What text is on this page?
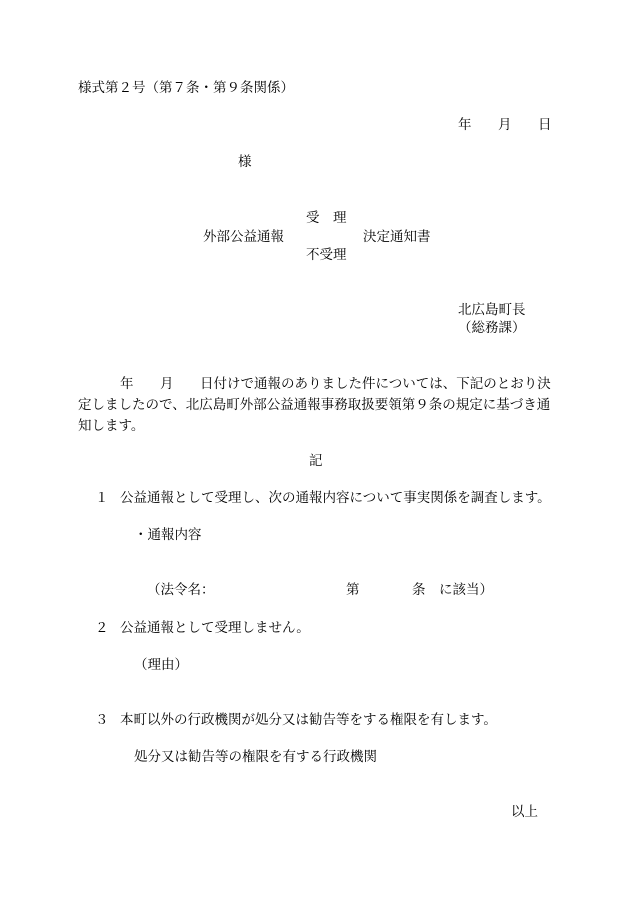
様式第２号（第７条・第９条関係）
年 月 日
様
受　理
外部公益通報
不受理
決定通知書
北広島町長
（総務課）
年 月 日付けで通報のありました件については、下記のとおり決
定しましたので、北広島町外部公益通報事務取扱要領第９条の規定に基づき通
知します。
記
１ 公益通報として受理し、次の通報内容について事実関係を調査します。
・通報内容
（法令名：	第	条 に該当）
２ 公益通報として受理しません。
（理由）
３ 本町以外の行政機関が処分又は勧告等をする権限を有します。
処分又は勧告等の権限を有する行政機関
以上
